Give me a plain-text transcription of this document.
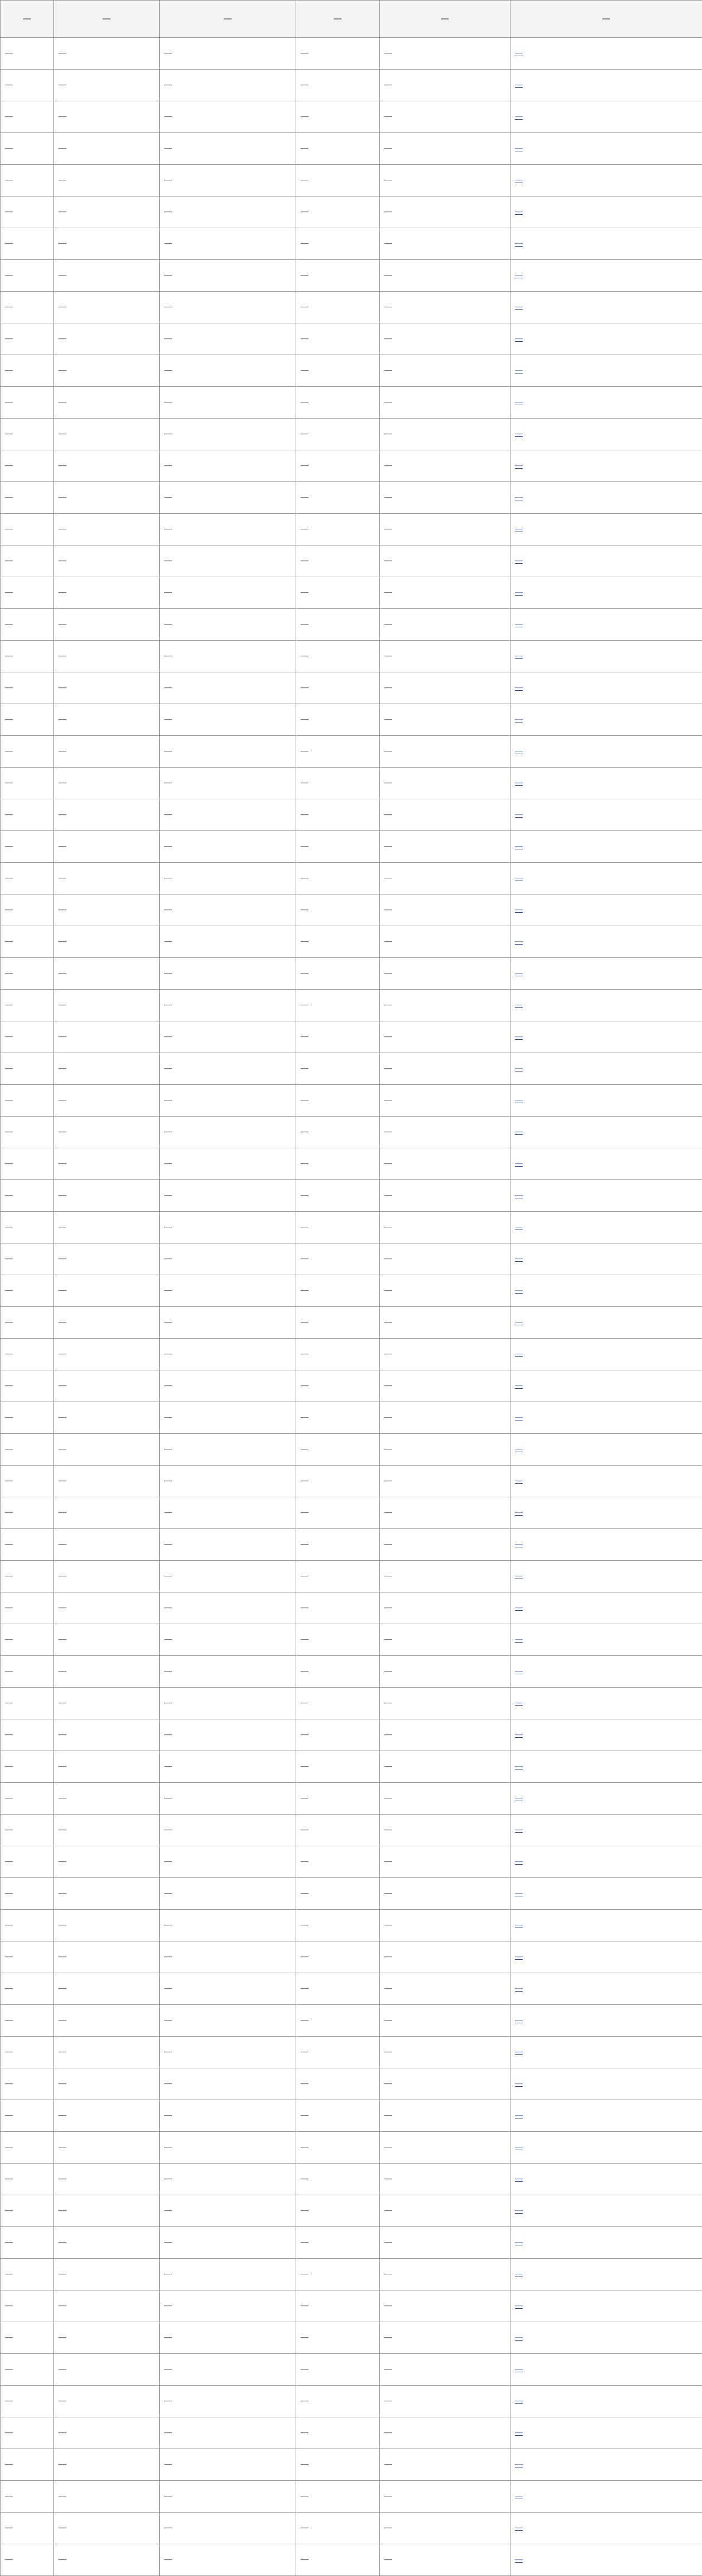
—	—	—	—	—	—
—	—	—	—	—	—
—	—	—	—	—	—
—	—	—	—	—	—
—	—	—	—	—	—
—	—	—	—	—	—
—	—	—	—	—	—
—	—	—	—	—	—
—	—	—	—	—	—
—	—	—	—	—	—
—	—	—	—	—	—
—	—	—	—	—	—
—	—	—	—	—	—
—	—	—	—	—	—
—	—	—	—	—	—
—	—	—	—	—	—
—	—	—	—	—	—
—	—	—	—	—	—
—	—	—	—	—	—
—	—	—	—	—	—
—	—	—	—	—	—
—	—	—	—	—	—
—	—	—	—	—	—
—	—	—	—	—	—
—	—	—	—	—	—
—	—	—	—	—	—
—	—	—	—	—	—
—	—	—	—	—	—
—	—	—	—	—	—
—	—	—	—	—	—
—	—	—	—	—	—
—	—	—	—	—	—
—	—	—	—	—	—
—	—	—	—	—	—
—	—	—	—	—	—
—	—	—	—	—	—
—	—	—	—	—	—
—	—	—	—	—	—
—	—	—	—	—	—
—	—	—	—	—	—
—	—	—	—	—	—
—	—	—	—	—	—
—	—	—	—	—	—
—	—	—	—	—	—
—	—	—	—	—	—
—	—	—	—	—	—
—	—	—	—	—	—
—	—	—	—	—	—
—	—	—	—	—	—
—	—	—	—	—	—
—	—	—	—	—	—
—	—	—	—	—	—
—	—	—	—	—	—
—	—	—	—	—	—
—	—	—	—	—	—
—	—	—	—	—	—
—	—	—	—	—	—
—	—	—	—	—	—
—	—	—	—	—	—
—	—	—	—	—	—
—	—	—	—	—	—
—	—	—	—	—	—
—	—	—	—	—	—
—	—	—	—	—	—
—	—	—	—	—	—
—	—	—	—	—	—
—	—	—	—	—	—
—	—	—	—	—	—
—	—	—	—	—	—
—	—	—	—	—	—
—	—	—	—	—	—
—	—	—	—	—	—
—	—	—	—	—	—
—	—	—	—	—	—
—	—	—	—	—	—
—	—	—	—	—	—
—	—	—	—	—	—
—	—	—	—	—	—
—	—	—	—	—	—
—	—	—	—	—	—
—	—	—	—	—	—
